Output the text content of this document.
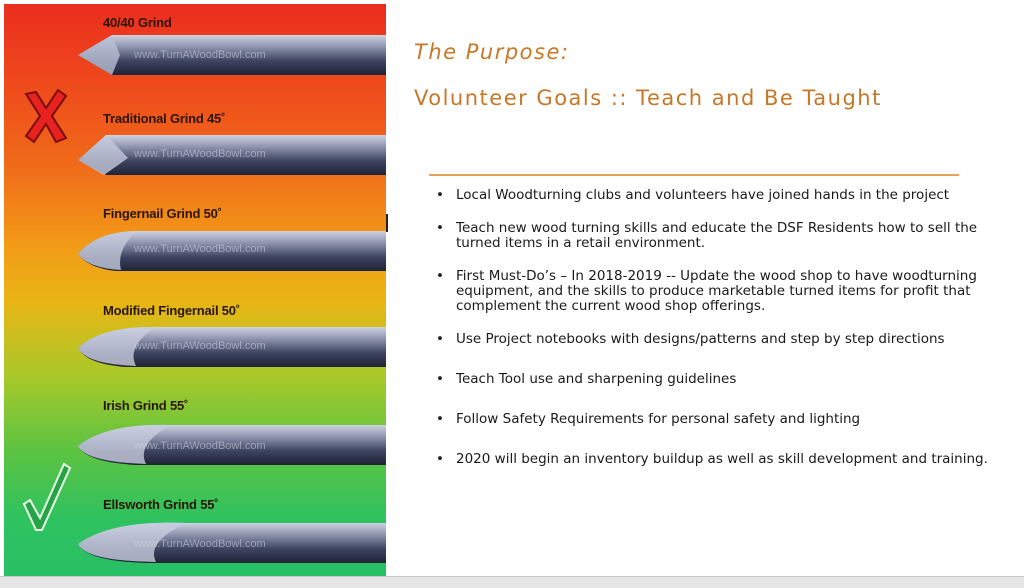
40/40 Grind
Traditional Grind 45˚
Fingernail Grind 50˚
Modified Fingernail 50˚
Irish Grind 55˚
Ellsworth Grind 55˚
www.TurnAWoodBowl.com
www.TurnAWoodBowl.com
www.TurnAWoodBowl.com
www.TurnAWoodBowl.com
www.TurnAWoodBowl.com
www.TurnAWoodBowl.com
The Purpose:
Volunteer Goals :: Teach and Be Taught
• Local Woodturning clubs and volunteers have joined hands in the project
• Teach new wood turning skills and educate the DSF Residents how to sell the turned items in a retail environment.
• First Must-Do’s – In 2018-2019 -- Update the wood shop to have woodturning equipment, and the skills to produce marketable turned items for profit that complement the current wood shop offerings.
• Use Project notebooks with designs/patterns and step by step directions
• Teach Tool use and sharpening guidelines
• Follow Safety Requirements for personal safety and lighting
• 2020 will begin an inventory buildup as well as skill development and training.
